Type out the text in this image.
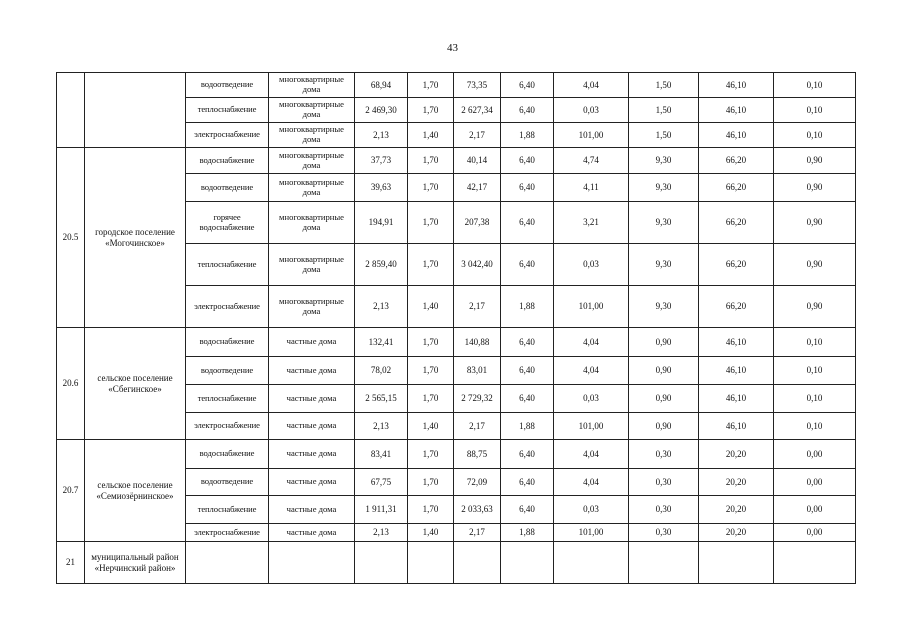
43
		водоотведение	многоквартирные дома	68,94	1,70	73,35	6,40	4,04	1,50	46,10	0,10
		теплоснабжение	многоквартирные дома	2 469,30	1,70	2 627,34	6,40	0,03	1,50	46,10	0,10
		электроснабжение	многоквартирные дома	2,13	1,40	2,17	1,88	101,00	1,50	46,10	0,10
20.5	городское поселение «Могочинское»	водоснабжение	многоквартирные дома	37,73	1,70	40,14	6,40	4,74	9,30	66,20	0,90
		водоотведение	многоквартирные дома	39,63	1,70	42,17	6,40	4,11	9,30	66,20	0,90
		горячее водоснабжение	многоквартирные дома	194,91	1,70	207,38	6,40	3,21	9,30	66,20	0,90
		теплоснабжение	многоквартирные дома	2 859,40	1,70	3 042,40	6,40	0,03	9,30	66,20	0,90
		электроснабжение	многоквартирные дома	2,13	1,40	2,17	1,88	101,00	9,30	66,20	0,90
20.6	сельское поселение «Сбегинское»	водоснабжение	частные дома	132,41	1,70	140,88	6,40	4,04	0,90	46,10	0,10
		водоотведение	частные дома	78,02	1,70	83,01	6,40	4,04	0,90	46,10	0,10
		теплоснабжение	частные дома	2 565,15	1,70	2 729,32	6,40	0,03	0,90	46,10	0,10
		электроснабжение	частные дома	2,13	1,40	2,17	1,88	101,00	0,90	46,10	0,10
20.7	сельское поселение «Семиозёрнинское»	водоснабжение	частные дома	83,41	1,70	88,75	6,40	4,04	0,30	20,20	0,00
		водоотведение	частные дома	67,75	1,70	72,09	6,40	4,04	0,30	20,20	0,00
		теплоснабжение	частные дома	1 911,31	1,70	2 033,63	6,40	0,03	0,30	20,20	0,00
		электроснабжение	частные дома	2,13	1,40	2,17	1,88	101,00	0,30	20,20	0,00
21	муниципальный район «Нерчинский район»										
